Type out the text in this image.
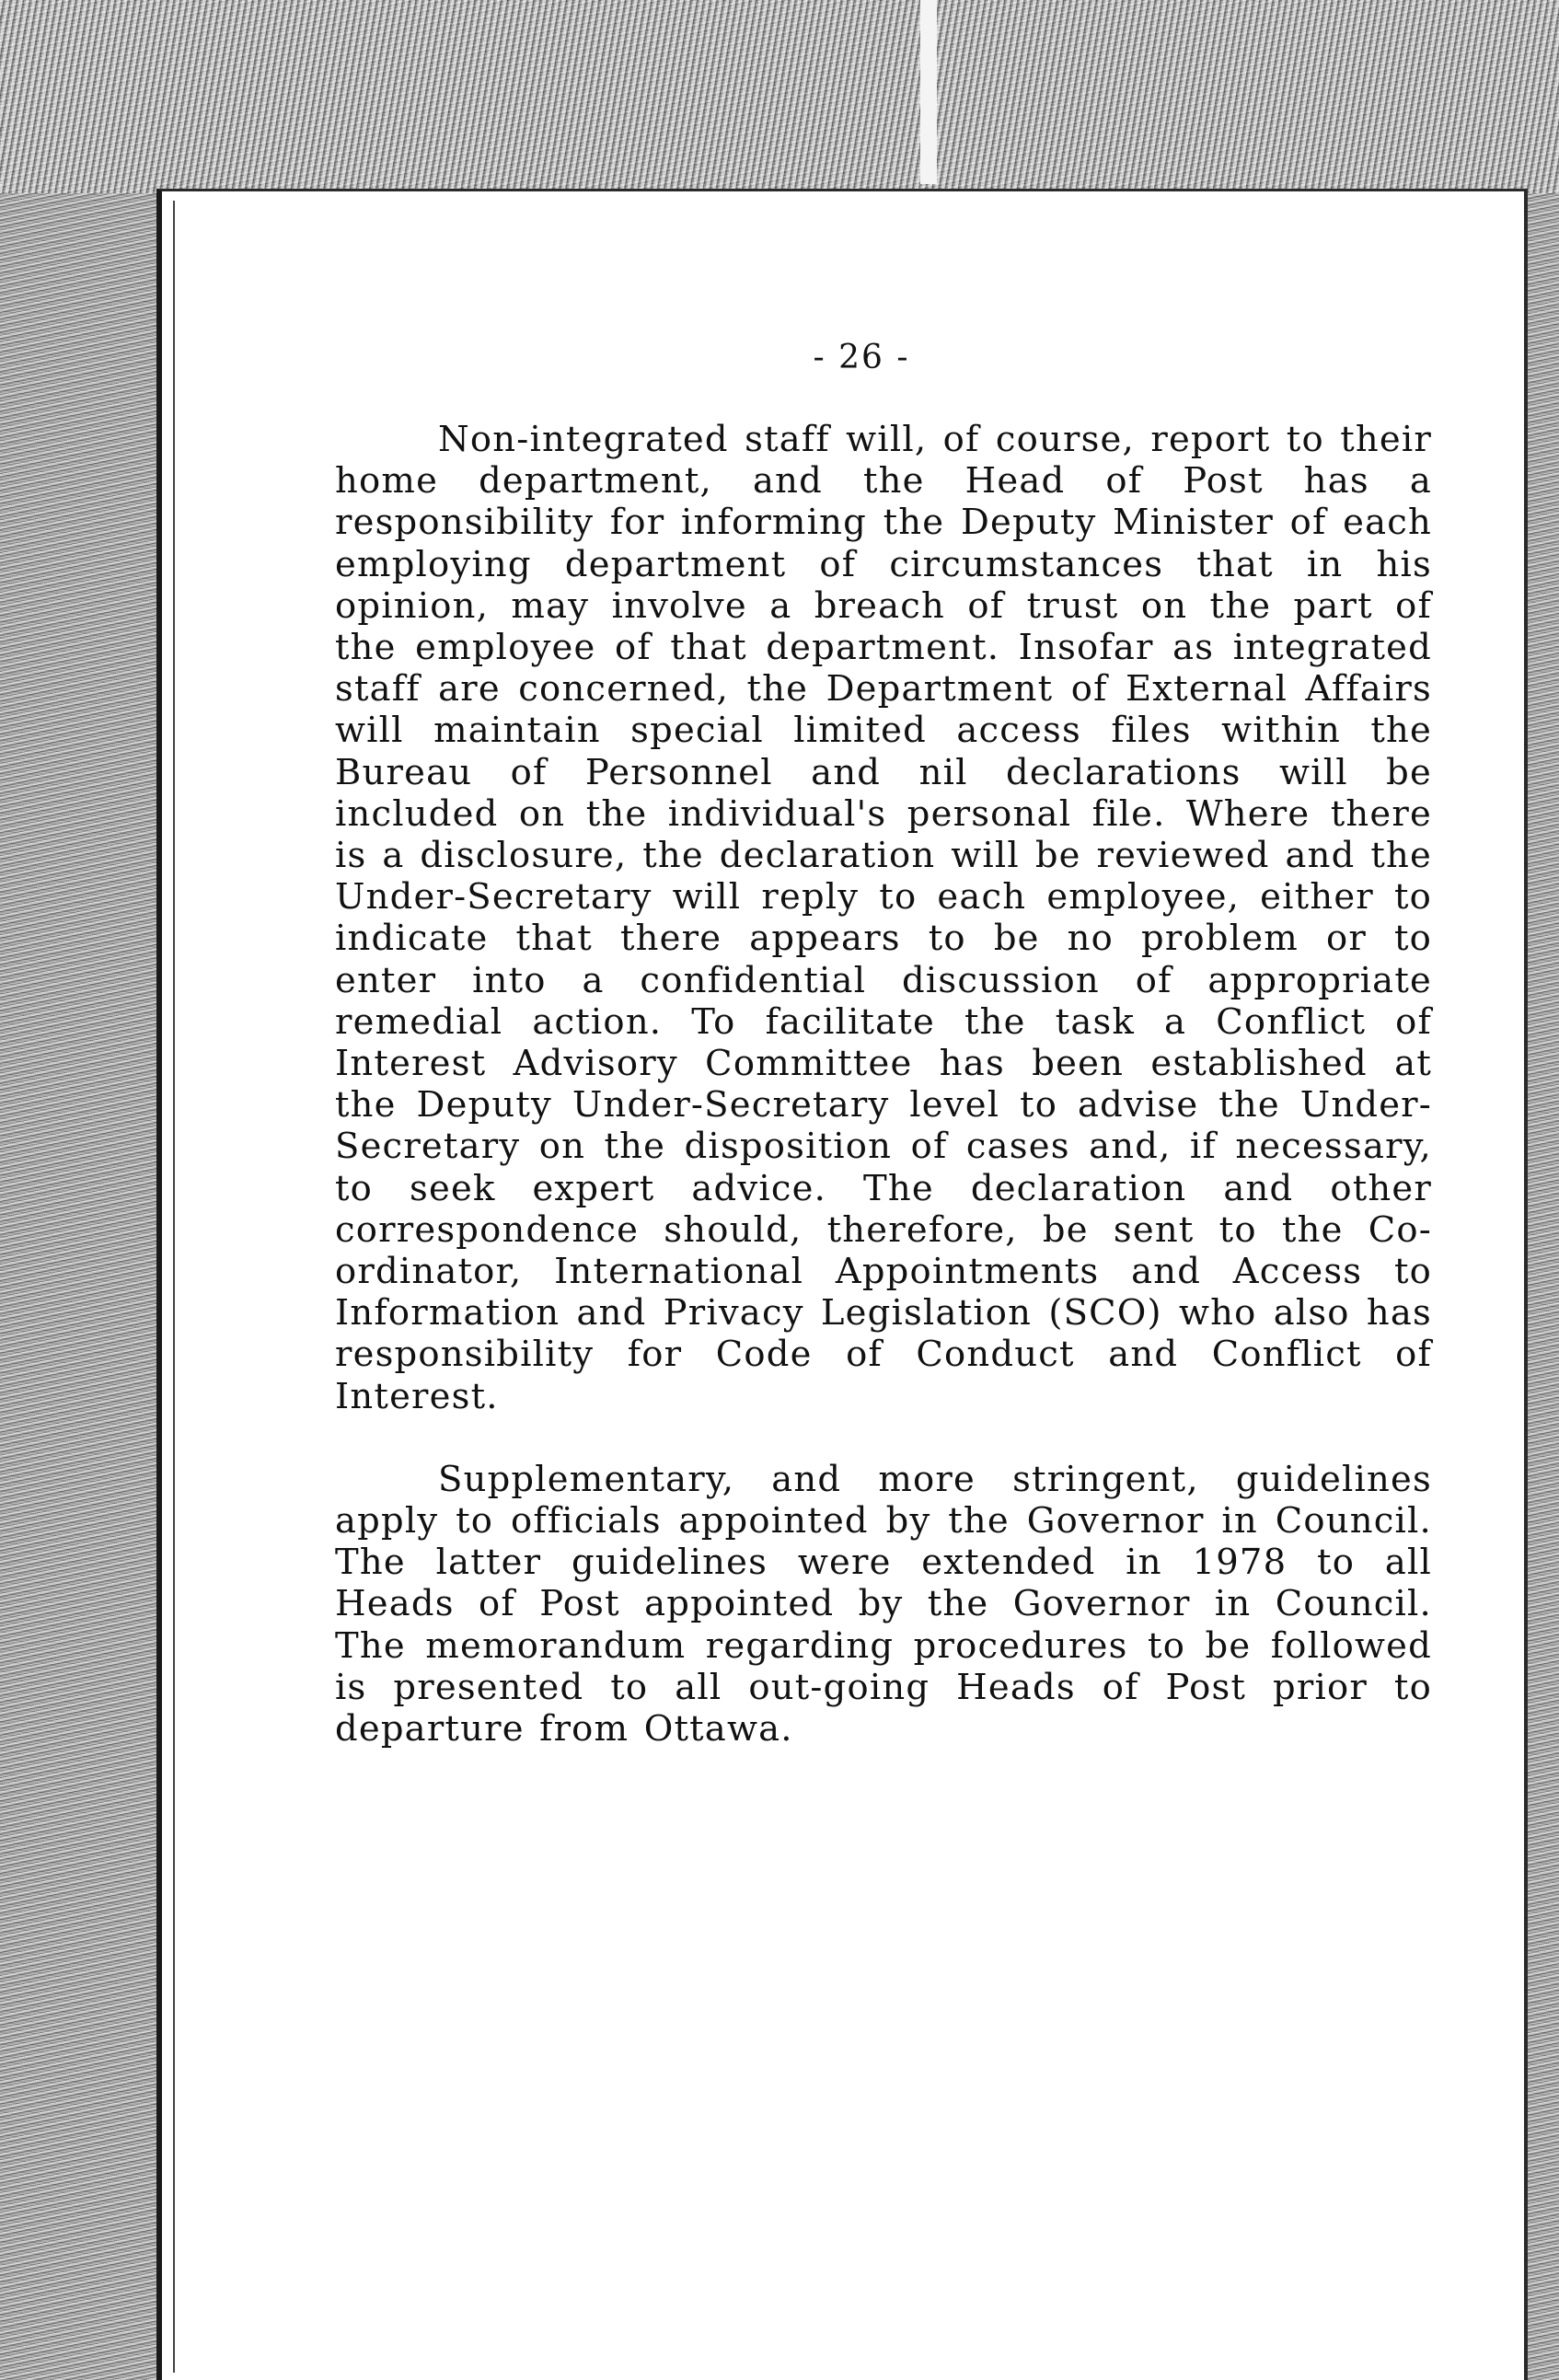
- 26 -

Non-integrated staff will, of course, report to their home department, and the Head of Post has a responsibility for informing the Deputy Minister of each employing department of circumstances that in his opinion, may involve a breach of trust on the part of the employee of that department. Insofar as integrated staff are concerned, the Department of External Affairs will maintain special limited access files within the Bureau of Personnel and nil declarations will be included on the individual's personal file. Where there is a disclosure, the declaration will be reviewed and the Under-Secretary will reply to each employee, either to indicate that there appears to be no problem or to enter into a confidential discussion of appropriate remedial action. To facilitate the task a Conflict of Interest Advisory Committee has been established at the Deputy Under-Secretary level to advise the Under-Secretary on the disposition of cases and, if necessary, to seek expert advice. The declaration and other correspondence should, therefore, be sent to the Co-ordinator, International Appointments and Access to Information and Privacy Legislation (SCO) who also has responsibility for Code of Conduct and Conflict of Interest.

Supplementary, and more stringent, guidelines apply to officials appointed by the Governor in Council. The latter guidelines were extended in 1978 to all Heads of Post appointed by the Governor in Council. The memorandum regarding procedures to be followed is presented to all out-going Heads of Post prior to departure from Ottawa.
